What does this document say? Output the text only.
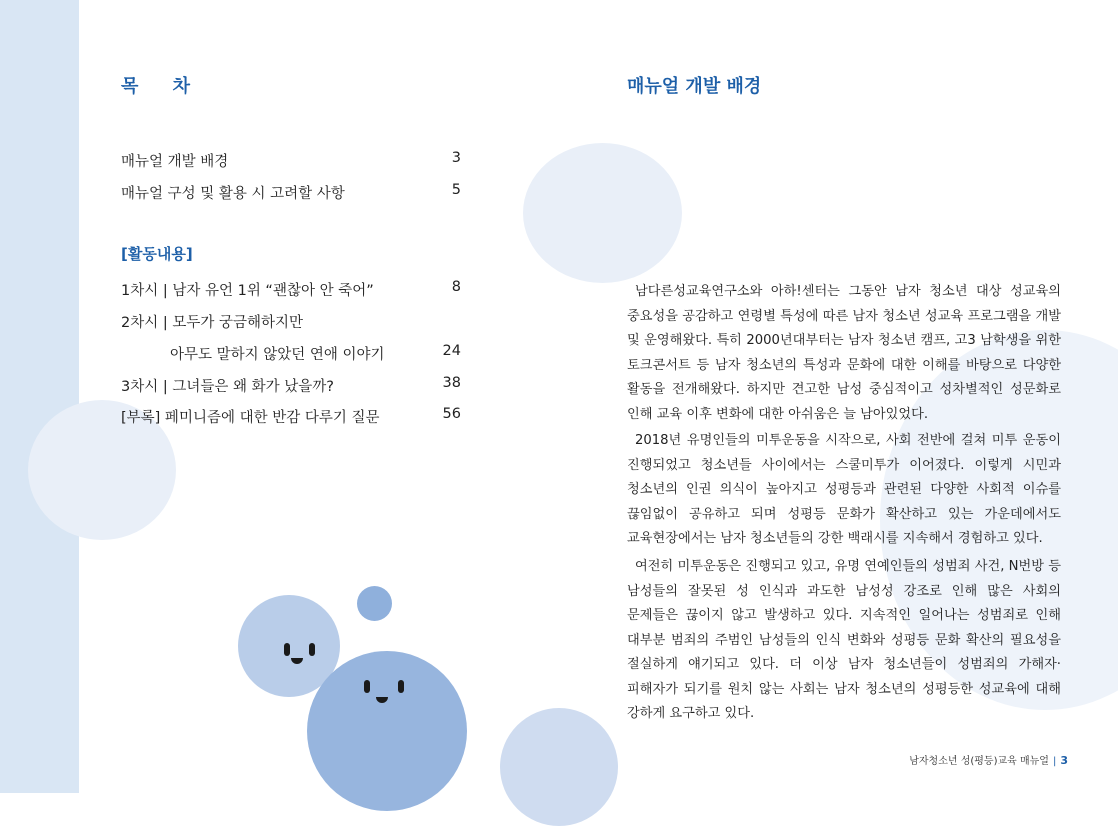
목 차
매뉴얼 개발 배경	3
매뉴얼 구성 및 활용 시 고려할 사항	5
[활동내용]
1차시 | 남자 유언 1위 “괜찮아 안 죽어”	8
2차시 | 모두가 궁금해하지만
아무도 말하지 않았던 연애 이야기	24
3차시 | 그녀들은 왜 화가 났을까?	38
[부록] 페미니즘에 대한 반감 다루기 질문	56
매뉴얼 개발 배경
남다른성교육연구소와 아하!센터는 그동안 남자 청소년 대상 성교육의 중요성을 공감하고 연령별 특성에 따른 남자 청소년 성교육 프로그램을 개발 및 운영해왔다. 특히 2000년대부터는 남자 청소년 캠프, 고3 남학생을 위한 토크콘서트 등 남자 청소년의 특성과 문화에 대한 이해를 바탕으로 다양한 활동을 전개해왔다. 하지만 견고한 남성 중심적이고 성차별적인 성문화로 인해 교육 이후 변화에 대한 아쉬움은 늘 남아있었다.
2018년 유명인들의 미투운동을 시작으로, 사회 전반에 걸쳐 미투 운동이 진행되었고 청소년들 사이에서는 스쿨미투가 이어졌다. 이렇게 시민과 청소년의 인권 의식이 높아지고 성평등과 관련된 다양한 사회적 이슈를 끊임없이 공유하고 되며 성평등 문화가 확산하고 있는 가운데에서도 교육현장에서는 남자 청소년들의 강한 백래시를 지속해서 경험하고 있다.
여전히 미투운동은 진행되고 있고, 유명 연예인들의 성범죄 사건, N번방 등 남성들의 잘못된 성 인식과 과도한 남성성 강조로 인해 많은 사회의 문제들은 끊이지 않고 발생하고 있다. 지속적인 일어나는 성범죄로 인해 대부분 범죄의 주범인 남성들의 인식 변화와 성평등 문화 확산의 필요성을 절실하게 얘기되고 있다. 더 이상 남자 청소년들이 성범죄의 가해자·피해자가 되기를 원치 않는 사회는 남자 청소년의 성평등한 성교육에 대해 강하게 요구하고 있다.
남자청소년 성(평등)교육 매뉴얼 | 3
